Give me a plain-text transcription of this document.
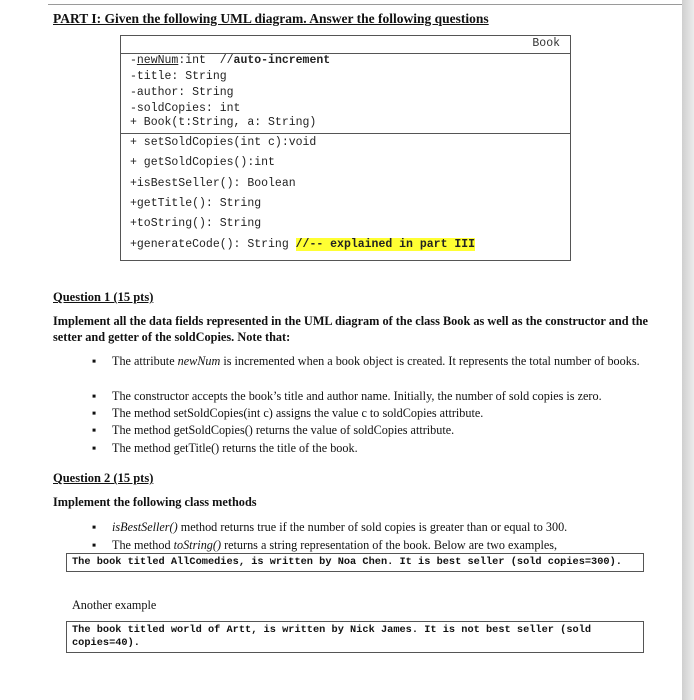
PART I: Given the following UML diagram. Answer the following questions
Book
-newNum:int  //auto-increment
-title: String
-author: String
-soldCopies: int
+ Book(t:String, a: String)
+ setSoldCopies(int c):void
+ getSoldCopies():int
+isBestSeller(): Boolean
+getTitle(): String
+toString(): String
+generateCode(): String //-- explained in part III
Question 1 (15 pts)
Implement all the data fields represented in the UML diagram of the class Book as well as the constructor and the setter and getter of the soldCopies. Note that:
▪ The attribute newNum is incremented when a book object is created. It represents the total number of books.
▪ The constructor accepts the book’s title and author name. Initially, the number of sold copies is zero.
▪ The method setSoldCopies(int c) assigns the value c to soldCopies attribute.
▪ The method getSoldCopies() returns the value of soldCopies attribute.
▪ The method getTitle() returns the title of the book.
Question 2 (15 pts)
Implement the following class methods
▪ isBestSeller() method returns true if the number of sold copies is greater than or equal to 300.
▪ The method toString() returns a string representation of the book. Below are two examples,
The book titled AllComedies, is written by Noa Chen. It is best seller (sold copies=300).
Another example
The book titled world of Artt, is written by Nick James. It is not best seller (sold copies=40).
